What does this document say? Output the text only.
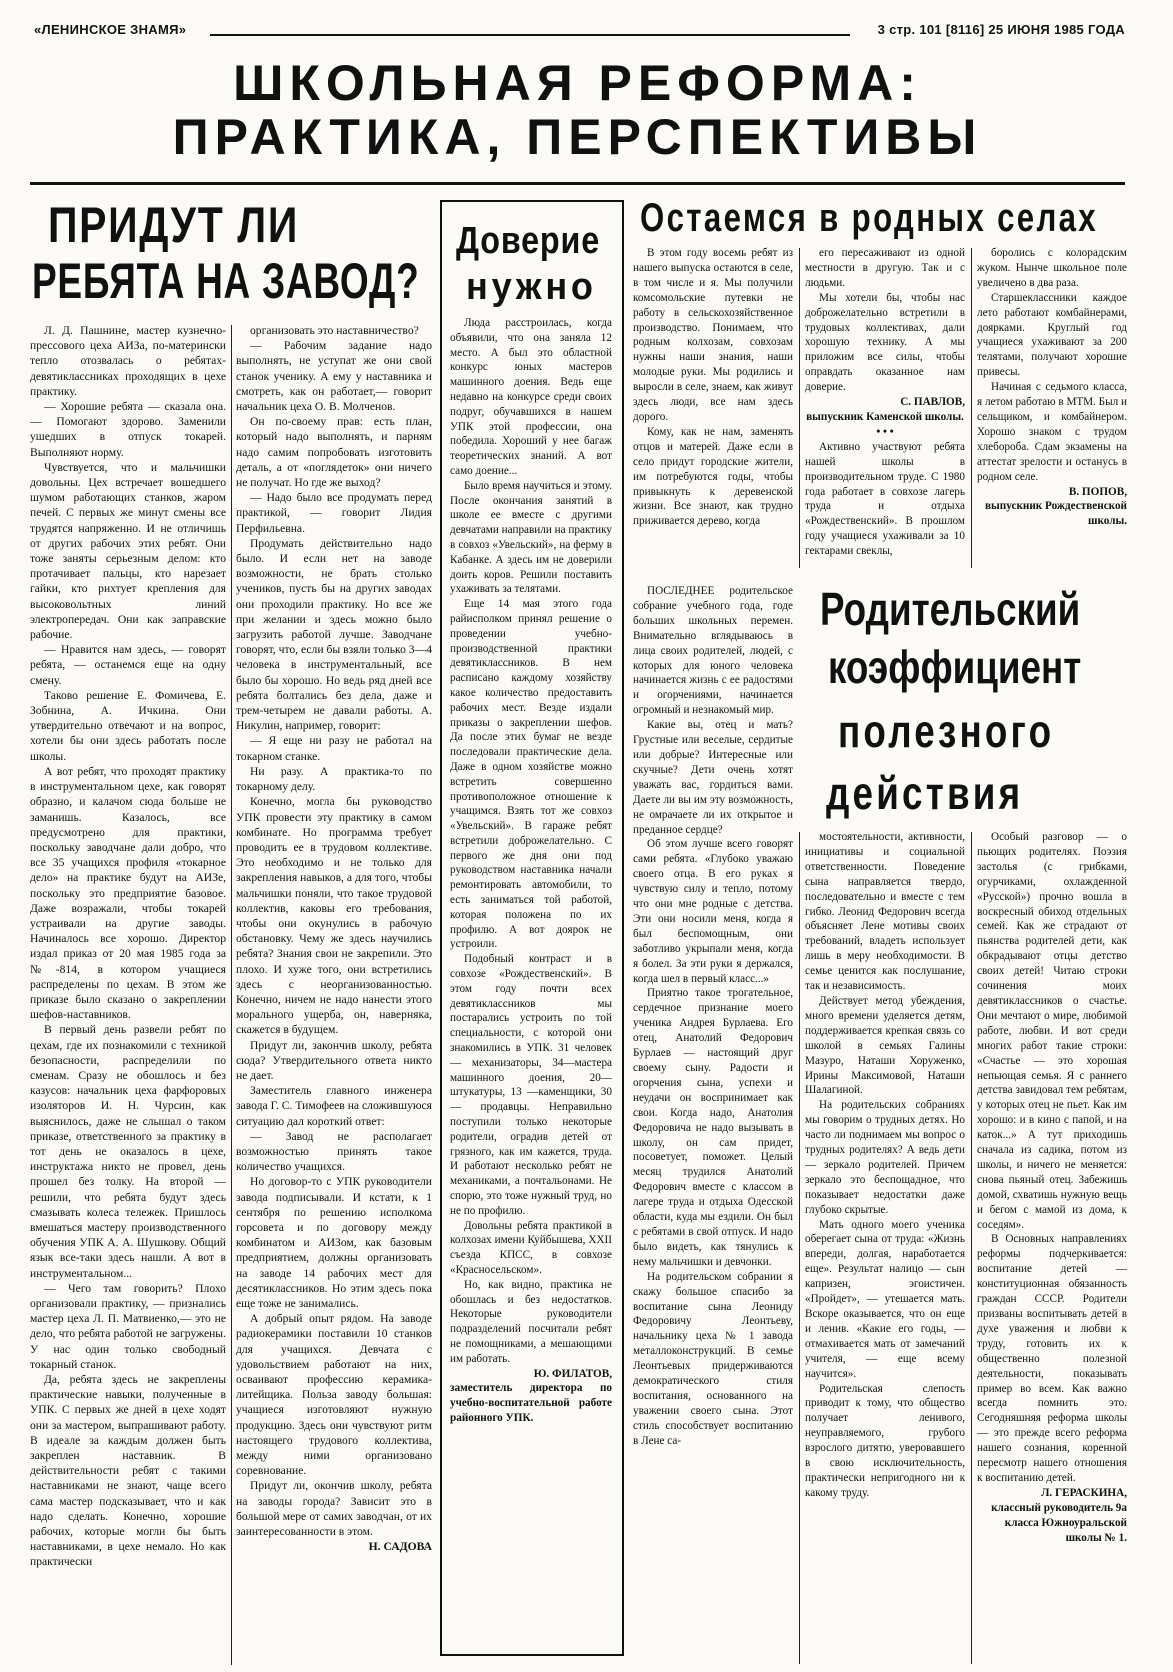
«ЛЕНИНСКОЕ ЗНАМЯ»	3 стр. 101 [8116] 25 ИЮНЯ 1985 ГОДА
ШКОЛЬНАЯ РЕФОРМА:
ПРАКТИКА, ПЕРСПЕКТИВЫ
ПРИДУТ ЛИ
РЕБЯТА НА ЗАВОД?

Л. Д. Пашнине, мастер кузнечно-прессового цеха АИЗа, по-матерински тепло отозвалась о ребятах-девятиклассниках проходящих в цехе практику.

— Хорошие ребята — сказала она.— Помогают здорово. Заменили ушедших в отпуск токарей. Выполняют норму.

Чувствуется, что и мальчишки довольны. Цех встречает вошедшего шумом работающих станков, жаром печей. С первых же минут смены все трудятся напряженно. И не отличишь от других рабочих этих ребят. Они тоже заняты серьезным делом: кто протачивает пальцы, кто нарезает гайки, кто рихтует крепления для высоковольтных линий электропередач. Они как заправские рабочие.

— Нравится нам здесь, — говорят ребята, — останемся еще на одну смену.

Таково решение Е. Фомичева, Е. Зобнина, А. Ичкина. Они утвердительно отвечают и на вопрос, хотели бы они здесь работать после школы.

А вот ребят, что проходят практику в инструментальном цехе, как говорят образно, и калачом сюда больше не заманишь. Казалось, все предусмотрено для практики, поскольку заводчане дали добро, что все 35 учащихся профиля «токарное дело» на практике будут на АИЗе, поскольку это предприятие базовое. Даже возражали, чтобы токарей устраивали на другие заводы. Начиналось все хорошо. Директор издал приказ от 20 мая 1985 года за №-814, в котором учащиеся распределены по цехам. В этом же приказе было сказано о закреплении шефов-наставников.

В первый день развели ребят по цехам, где их познакомили с техникой безопасности, распределили по сменам. Сразу не обошлось и без казусов: начальник цеха фарфоровых изоляторов И. Н. Чурсин, как выяснилось, даже не слышал о таком приказе, ответственного за практику в тот день не оказалось в цехе, инструктажа никто не провел, день прошел без толку. На второй — решили, что ребята будут здесь смазывать колеса тележек. Пришлось вмешаться мастеру производственного обучения УПК А. А. Шушкову. Общий язык все-таки здесь нашли. А вот в инструментальном...

— Чего там говорить? Плохо организовали практику, — признались мастер цеха Л. П. Матвиенко,— это не дело, что ребята работой не загружены. У нас один только свободный токарный станок.

Да, ребята здесь не закреплены практические навыки, полученные в УПК. С первых же дней в цехе ходят они за мастером, выпрашивают работу. В идеале за каждым должен быть закреплен наставник. В действительности ребят с такими наставниками не знают, чаще всего сама мастер подсказывает, что и как надо сделать. Конечно, хорошие рабочих, которые могли бы быть наставниками, в цехе немало. Но как практически

организовать это наставничество?

— Рабочим задание надо выполнять, не уступат же они свой станок ученику. А ему у наставника и смотреть, как он работает,— говорит начальник цеха О. В. Молченов.

Он по-своему прав: есть план, который надо выполнять, и парням надо самим попробовать изготовить деталь, а от «поглядеток» они ничего не получат. Но где же выход?

— Надо было все продумать перед практикой, — говорит Лидия Перфильевна.

Продумать действительно надо было. И если нет на заводе возможности, не брать столько учеников, пусть бы на других заводах они проходили практику. Но все же при желании и здесь можно было загрузить работой лучше. Заводчане говорят, что, если бы взяли только 3—4 человека в инструментальный, все было бы хорошо. Но ведь ряд дней все ребята болтались без дела, даже и трем-четырем не давали работы. А. Никулин, например, говорит:

— Я еще ни разу не работал на токарном станке.

Ни разу. А практика-то по токарному делу.

Конечно, могла бы руководство УПК провести эту практику в самом комбинате. Но программа требует проводить ее в трудовом коллективе. Это необходимо и не только для закрепления навыков, а для того, чтобы мальчишки поняли, что такое трудовой коллектив, каковы его требования, чтобы они окунулись в рабочую обстановку. Чему же здесь научились ребята? Знания свои не закрепили. Это плохо. И хуже того, они встретились здесь с неорганизованностью. Конечно, ничем не надо нанести этого морального ущерба, он, наверняка, скажется в будущем.

Придут ли, закончив школу, ребята сюда? Утвердительного ответа никто не дает.

Заместитель главного инженера завода Г. С. Тимофеев на сложившуюся ситуацию дал короткий ответ:

— Завод не располагает возможностью принять такое количество учащихся.

Но договор-то с УПК руководители завода подписывали. И кстати, к 1 сентября по решению исполкома горсовета и по договору между комбинатом и АИЗом, как базовым предприятием, должны организовать на заводе 14 рабочих мест для десятиклассников. Но этим здесь пока еще тоже не занимались.

А добрый опыт рядом. На заводе радиокерамики поставили 10 станков для учащихся. Девчата с удовольствием работают на них, осваивают профессию керамика-литейщика. Польза заводу большая: учащиеся изготовляют нужную продукцию. Здесь они чувствуют ритм настоящего трудового коллектива, между ними организовано соревнование.

Придут ли, окончив школу, ребята на заводы города? Зависит это в большой мере от самих заводчан, от их заинтересованности в этом.

Н. САДОВА

Доверие
нужно

Люда расстроилась, когда объявили, что она заняла 12 место. А был это областной конкурс юных мастеров машинного доения. Ведь еще недавно на конкурсе среди своих подруг, обучавшихся в нашем УПК этой профессии, она победила. Хороший у нее багаж теоретических знаний. А вот само доение...

Было время научиться и этому. После окончания занятий в школе ее вместе с другими девчатами направили на практику в совхоз «Увельский», на ферму в Кабанке. А здесь им не доверили доить коров. Решили поставить ухаживать за телятами.

Еще 14 мая этого года райисполком принял решение о проведении учебно-производственной практики девятиклассников. В нем расписано каждому хозяйству какое количество предоставить рабочих мест. Везде издали приказы о закреплении шефов. Да после этих бумаг не везде последовали практические дела. Даже в одном хозяйстве можно встретить совершенно противоположное отношение к учащимся. Взять тот же совхоз «Увельский». В гараже ребят встретили доброжелательно. С первого же дня они под руководством наставника начали ремонтировать автомобили, то есть заниматься той работой, которая положена по их профилю. А вот доярок не устроили.

Подобный контраст и в совхозе «Рождественский». В этом году почти всех девятиклассников мы постарались устроить по той специальности, с которой они знакомились в УПК. 31 человек — механизаторы, 34—мастера машинного доения, 20— штукатуры, 13 —каменщики, 30— продавцы. Неправильно поступили только некоторые родители, оградив детей от грязного, как им кажется, труда. И работают несколько ребят не механиками, а почтальонами. Не спорю, это тоже нужный труд, но не по профилю.

Довольны ребята практикой в колхозах имени Куйбышева, XXII съезда КПСС, в совхозе «Красносельском».

Но, как видно, практика не обошлась и без недостатков. Некоторые руководители подразделений посчитали ребят не помощниками, а мешающими им работать.

Ю. ФИЛАТОВ,

заместитель директора по учебно-воспитательной работе районного УПК.

Остаемся в родных селах

В этом году восемь ребят из нашего выпуска остаются в селе, в том числе и я. Мы получили комсомольские путевки не работу в сельскохозяйственное производство. Понимаем, что родным колхозам, совхозам нужны наши знания, наши молодые руки. Мы родились и выросли в селе, знаем, как живут здесь люди, все нам здесь дорого.

Кому, как не нам, заменять отцов и матерей. Даже если в село придут городские жители, им потребуются годы, чтобы привыкнуть к деревенской жизни. Все знают, как трудно приживается дерево, когда

его пересаживают из одной местности в другую. Так и с людьми.

Мы хотели бы, чтобы нас доброжелательно встретили в трудовых коллективах, дали хорошую технику. А мы приложим все силы, чтобы оправдать оказанное нам доверие.

С. ПАВЛОВ,

выпускник Каменской школы.

• • •

Активно участвуют ребята нашей школы в производительном труде. С 1980 года работает в совхозе лагерь труда и отдыха «Рождественский». В прошлом году учащиеся ухаживали за 10 гектарами свеклы,

боролись с колорадским жуком. Нынче школьное поле увеличено в два раза.

Старшеклассники каждое лето работают комбайнерами, доярками. Круглый год учащиеся ухаживают за 200 телятами, получают хорошие привесы.

Начиная с седьмого класса, я летом работаю в МТМ. Был и сельщиком, и комбайнером. Хорошо знаком с трудом хлебороба. Сдам экзамены на аттестат зрелости и останусь в родном селе.

В. ПОПОВ,

выпускник Рождественской школы.

Родительский
коэффициент
полезного
действия

ПОСЛЕДНЕЕ родительское собрание учебного года, годе больших школьных перемен. Внимательно вглядываюсь в лица своих родителей, людей, с которых для юного человека начинается жизнь с ее радостями и огорчениями, начинается огромный и незнакомый мир.

Какие вы, отец и мать? Грустные или веселые, сердитые или добрые? Интересные или скучные? Дети очень хотят уважать вас, гордиться вами. Даете ли вы им эту возможность, не омрачаете ли их открытое и преданное сердце?

Об этом лучше всего говорят сами ребята. «Глубоко уважаю своего отца. В его руках я чувствую силу и тепло, потому что они мне родные с детства. Эти они носили меня, когда я был беспомощным, они заботливо укрыпали меня, когда я болел. За эти руки я держался, когда шел в первый класс...»

Приятно такое трогательное, сердечное признание моего ученика Андрея Бурлаева. Его отец, Анатолий Федорович Бурлаев — настоящий друг своему сыну. Радости и огорчения сына, успехи и неудачи он воспринимает как свои. Когда надо, Анатолия Федоровича не надо вызывать в школу, он сам придет, посоветует, поможет. Целый месяц трудился Анатолий Федорович вместе с классом в лагере труда и отдыха Одесской области, куда мы ездили. Он был с ребятами в свой отпуск. И надо было видеть, как тянулись к нему мальчишки и девчонки.

На родительском собрании я скажу большое спасибо за воспитание сына Леониду Федоровичу Леонтьеву, начальнику цеха № 1 завода металлоконструкций. В семье Леонтьевых придерживаются демократического стиля воспитания, основанного на уважении своего сына. Этот стиль способствует воспитанию в Лене са-

мостоятельности, активности, инициативы и социальной ответственности. Поведение сына направляется твердо, последовательно и вместе с тем гибко. Леонид Федорович всегда объясняет Лене мотивы своих требований, владеть использует лишь в меру необходимости. В семье ценится как послушание, так и независимость.

Действует метод убеждения, много времени уделяется детям, поддерживается крепкая связь со школой в семьях Галины Мазуро, Наташи Хоруженко, Ирины Максимовой, Наташи Шалагиной.

На родительских собраниях мы говорим о трудных детях. Но часто ли поднимаем мы вопрос о трудных родителях? А ведь дети — зеркало родителей. Причем зеркало это беспощадное, что показывает недостатки даже глубоко скрытые.

Мать одного моего ученика оберегает сына от труда: «Жизнь впереди, долгая, наработается еще». Результат налицо — сын капризен, эгоистичен. «Пройдет», — утешается мать. Вскоре оказывается, что он еще и ленив. «Какие его годы, — отмахивается мать от замечаний учителя, — еще всему научится».

Родительская слепость приводит к тому, что общество получает ленивого, неуправляемого, грубого взрослого дитятю, уверовавшего в свою исключительность, практически непригодного ни к какому труду.

Особый разговор — о пьющих родителях. Поэзия застолья (с грибками, огурчиками, охлажденной «Русской») прочно вошла в воскресный обиход отдельных семей. Как же страдают от пьянства родителей дети, как обкрадывают отцы детство своих детей! Читаю строки сочинения моих девятиклассников о счастье. Они мечтают о мире, любимой работе, любви. И вот среди многих работ такие строки: «Счастье — это хорошая непьющая семья. Я с раннего детства завидовал тем ребятам, у которых отец не пьет. Как им хорошо: и в кино с папой, и на каток...» А тут приходишь сначала из садика, потом из школы, и ничего не меняется: снова пьяный отец. Забежишь домой, схватишь нужную вещь и бегом с мамой из дома, к соседям».

В Основных направлениях реформы подчеркивается: воспитание детей — конституционная обязанность граждан СССР. Родители призваны воспитывать детей в духе уважения и любви к труду, готовить их к общественно полезной деятельности, показывать пример во всем. Как важно всегда помнить это. Сегодняшняя реформа школы — это прежде всего реформа нашего сознания, коренной пересмотр нашего отношения к воспитанию детей.

Л. ГЕРАСКИНА,

классный руководитель 9а класса Южноуральской школы № 1.
